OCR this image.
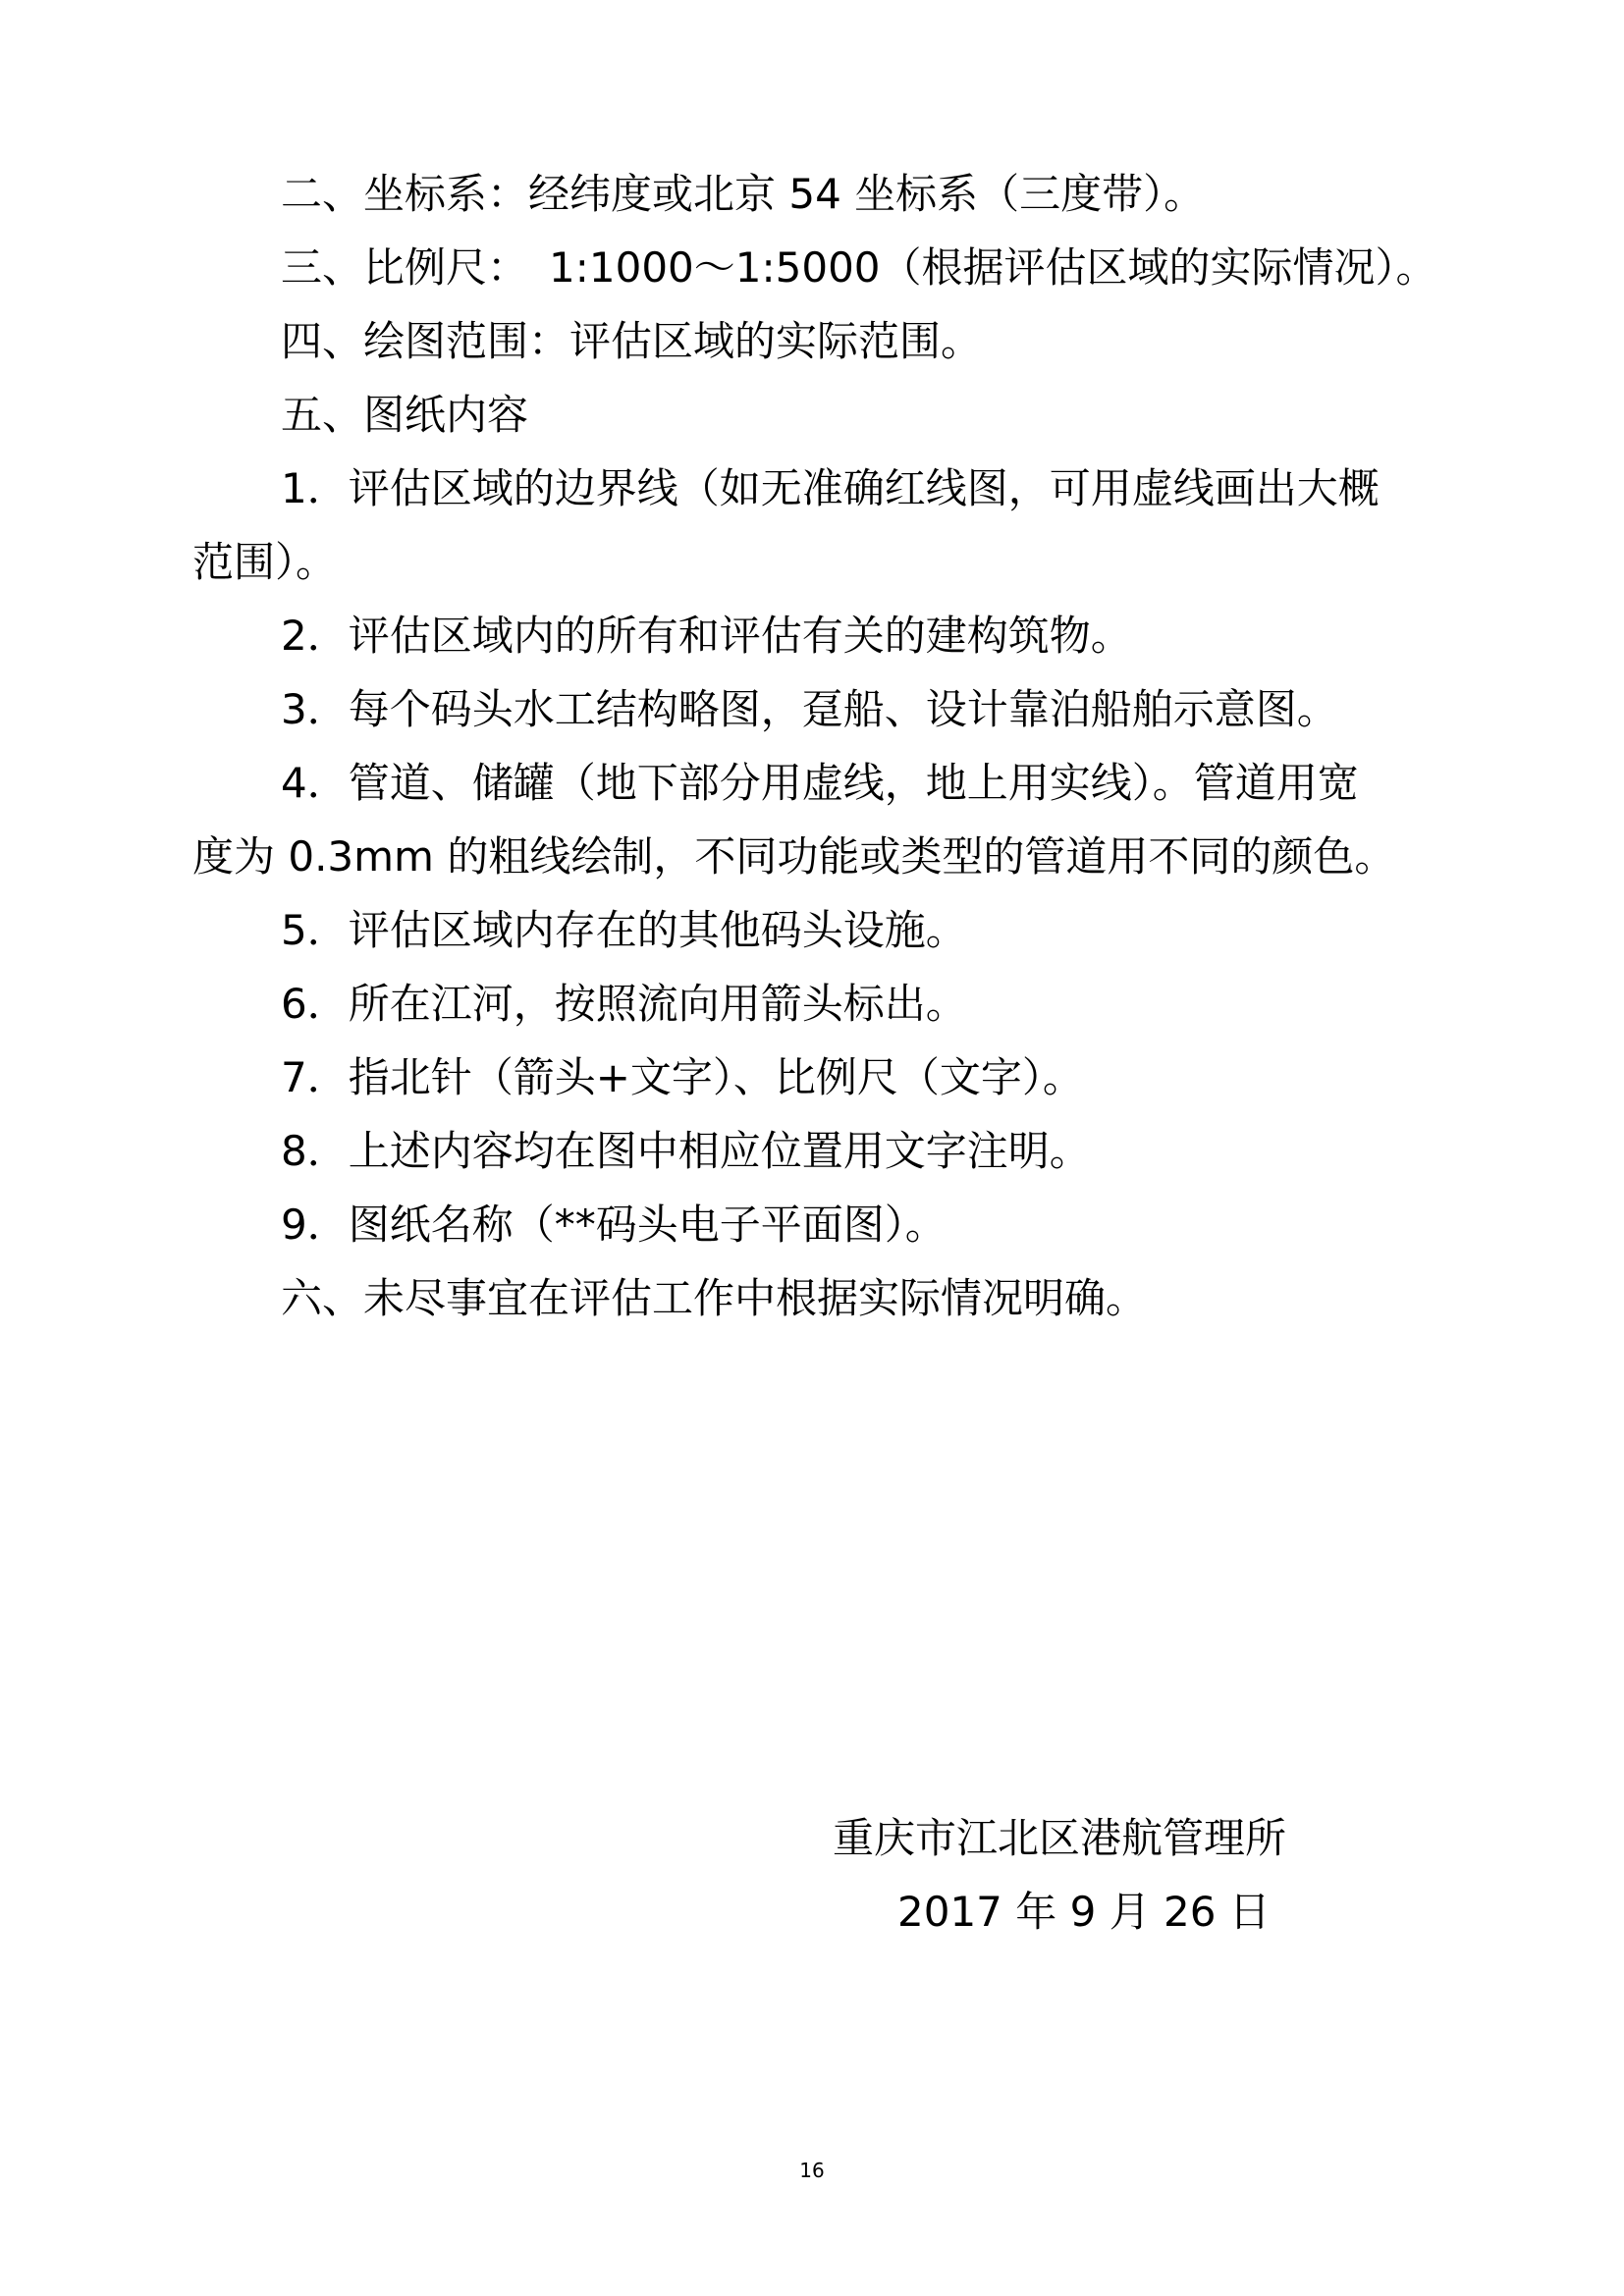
二、坐标系：经纬度或北京 54 坐标系（三度带）。
三、比例尺：　1:1000～1:5000（根据评估区域的实际情况）。
四、绘图范围：评估区域的实际范围。
五、图纸内容
1．评估区域的边界线（如无准确红线图，可用虚线画出大概
范围）。
2．评估区域内的所有和评估有关的建构筑物。
3．每个码头水工结构略图，趸船、设计靠泊船舶示意图。
4．管道、储罐（地下部分用虚线，地上用实线）。管道用宽
度为 0.3mm 的粗线绘制，不同功能或类型的管道用不同的颜色。
5．评估区域内存在的其他码头设施。
6．所在江河，按照流向用箭头标出。
7．指北针（箭头+文字）、比例尺（文字）。
8．上述内容均在图中相应位置用文字注明。
9．图纸名称（**码头电子平面图）。
六、未尽事宜在评估工作中根据实际情况明确。
重庆市江北区港航管理所
2017 年 9 月 26 日
16
